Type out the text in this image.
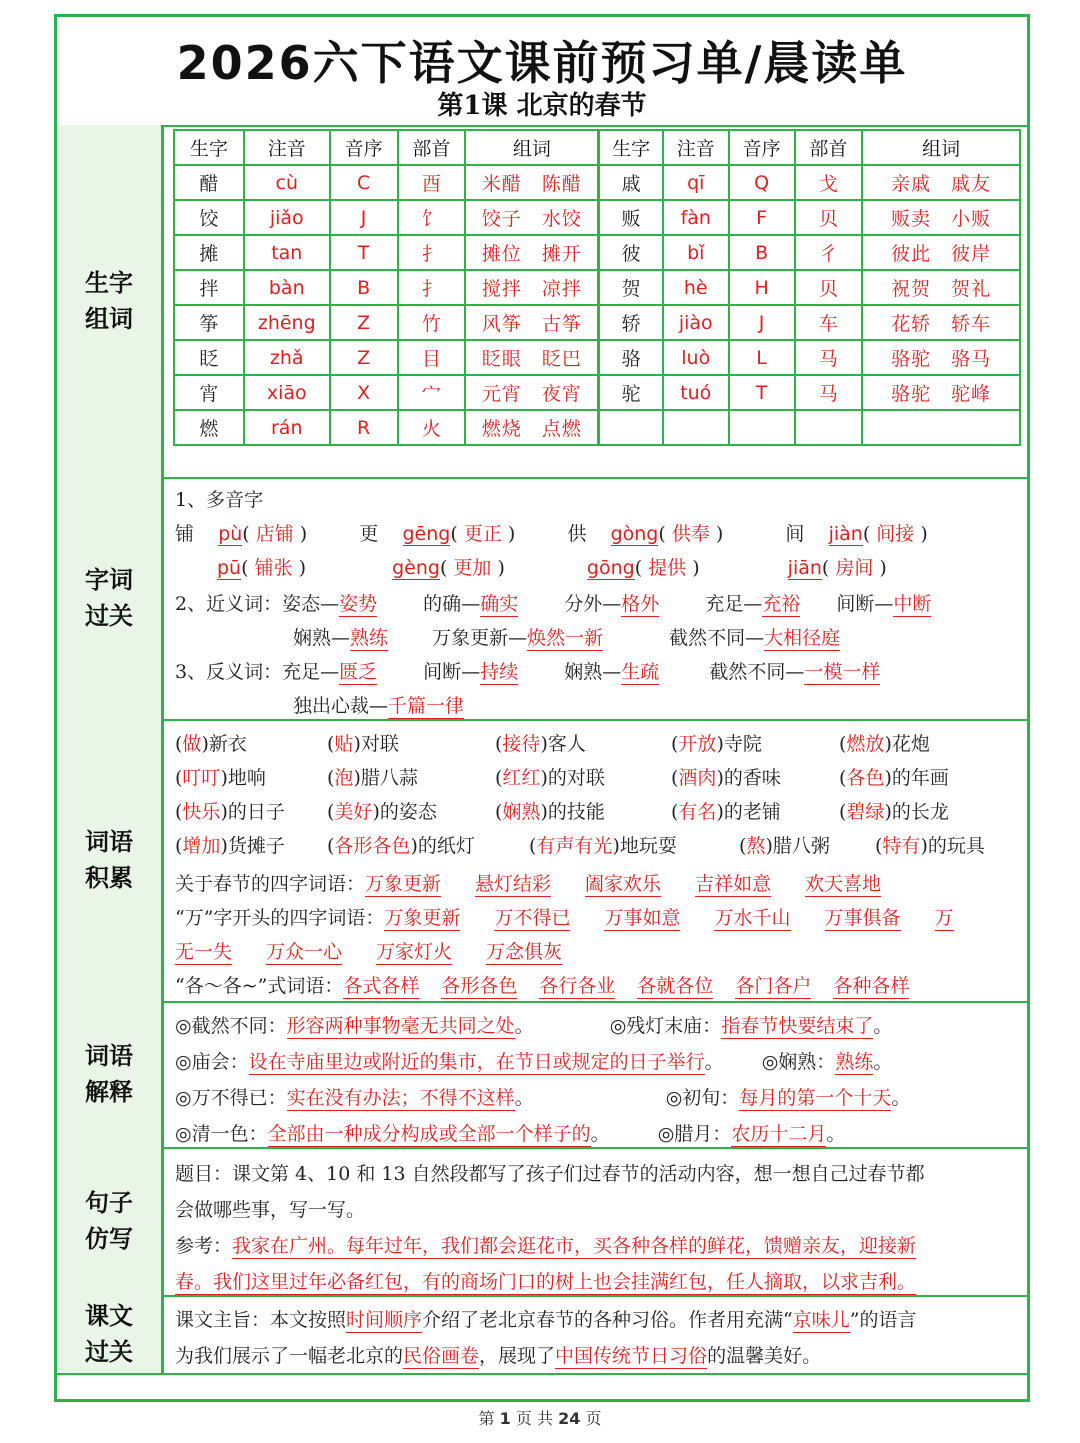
2026六下语文课前预习单/晨读单
第1课 北京的春节
生字 组词
生字	注音	音序	部首	组词	生字	注音	音序	部首	组词
醋	cù	C	酉	米醋　陈醋	戚	qī	Q	戈	亲戚　戚友
饺	jiǎo	J	饣	饺子　水饺	贩	fàn	F	贝	贩卖　小贩
摊	tan	T	扌	摊位　摊开	彼	bǐ	B	彳	彼此　彼岸
拌	bàn	B	扌	搅拌　凉拌	贺	hè	H	贝	祝贺　贺礼
筝	zhēng	Z	竹	风筝　古筝	轿	jiào	J	车	花轿　轿车
眨	zhǎ	Z	目	眨眼　眨巴	骆	luò	L	马	骆驼　骆马
宵	xiāo	X	宀	元宵　夜宵	驼	tuó	T	马	骆驼　驼峰
燃	rán	R	火	燃烧　点燃					
字词 过关
1、多音字
铺 pù( 店铺 )  更 gēng( 更正 )  供 gòng( 供奉 )	间 jiàn( 间接 )
pū( 铺张 )	gèng( 更加 )	gōng( 提供 )	jiān( 房间 )
2、近义词：姿态—姿势 的确—确实 分外—格外 充足—充裕 间断—中断
娴熟—熟练 万象更新—焕然一新	截然不同—大相径庭
3、反义词：充足—匮乏 间断—持续 娴熟—生疏	截然不同—一模一样
独出心裁—千篇一律
词语 积累
(做)新衣	(贴)对联	(接待)客人	(开放)寺院	(燃放)花炮
(叮叮)地响	(泡)腊八蒜	(红红)的对联	(酒肉)的香味	(各色)的年画
(快乐)的日子 (美好)的姿态	(娴熟)的技能	(有名)的老铺	(碧绿)的长龙
(增加)货摊子 (各形各色)的纸灯	(有声有光)地玩耍	(熬)腊八粥 (特有)的玩具
关于春节的四字词语：万象更新 悬灯结彩 阖家欢乐 吉祥如意 欢天喜地
“万”字开头的四字词语：万象更新 万不得已 万事如意 万水千山 万事俱备 万
无一失 万众一心 万家灯火 万念俱灰
“各～各~”式词语：各式各样 各形各色 各行各业 各就各位 各门各户 各种各样
词语 解释
◎截然不同：形容两种事物毫无共同之处。	◎残灯末庙：指春节快要结束了。
◎庙会：设在寺庙里边或附近的集市，在节日或规定的日子举行。 ◎娴熟：熟练。
◎万不得已：实在没有办法；不得不这样。	◎初旬：每月的第一个十天。
◎清一色：全部由一种成分构成或全部一个样子的。	◎腊月：农历十二月。
句子 仿写
题目：课文第 4、10 和 13 自然段都写了孩子们过春节的活动内容，想一想自己过春节都
会做哪些事，写一写。
参考：我家在广州。每年过年，我们都会逛花市，买各种各样的鲜花，馈赠亲友，迎接新
春。我们这里过年必备红包，有的商场门口的树上也会挂满红包，任人摘取，以求吉利。
课文 过关
课文主旨：本文按照时间顺序介绍了老北京春节的各种习俗。作者用充满“京味儿”的语言
为我们展示了一幅老北京的民俗画卷，展现了中国传统节日习俗的温馨美好。
第 1 页 共 24 页
